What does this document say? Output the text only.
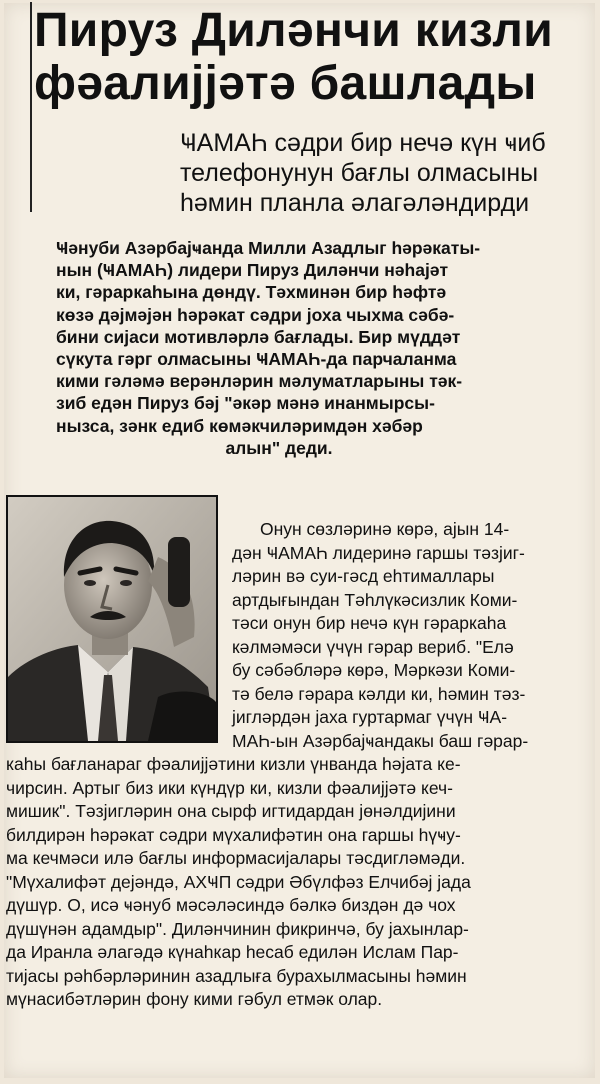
Пируз Диләнчи кизли
фәалијјәтә башлады
ҸАМАҺ сәдри бир нечә күн ҹиб
телефонунун бағлы олмасыны
һәмин планла әлагәләндирди
Ҹәнуби Азәрбајҹанда Милли Азадлыг һәрәкаты-
нын (ҸАМАҺ) лидери Пируз Диләнчи нәһајәт
ки, гәраркаһына дөндү. Тәхминән бир һәфтә
көзә дәјмәјән һәрәкат сәдри јоха чыхма сәбә-
бини сијаси мотивләрлә бағлады. Бир мүддәт
сүкута гәрг олмасыны ҸАМАҺ-да парчаланма
кими гәләмә верәнләрин мәлуматларыны тәк-
зиб едән Пируз бәј "әкәр мәнә инанмырсы-
нызса, зәнк едиб көмәкчиләримдән хәбәр
алын" деди.
Онун сөзләринә көрә, ајын 14-
дән ҸАМАҺ лидеринә гаршы тәзјиг-
ләрин вә суи-гәсд еһтималлары
артдығындан Тәһлүкәсизлик Коми-
тәси онун бир нечә күн гәраркаһа
кәлмәмәси үчүн гәрар вериб. "Елә
бу сәбәбләрә көрә, Мәркәзи Коми-
тә белә гәрара кәлди ки, һәмин тәз-
јигләрдән јаха гуртармаг үчүн ҸА-
МАҺ-ын Азәрбајҹандакы баш гәрар-
каһы бағланараг фәалијјәтини кизли үнванда һәјата ке-
чирсин. Артыг биз ики күндүр ки, кизли фәалијјәтә кеч-
мишик". Тәзјигләрин она сырф игтидардан јөнәлдијини
билдирән һәрәкат сәдри мүхалифәтин она гаршы һүҹу-
ма кечмәси илә бағлы информасијалары тәсдигләмәди.
"Мүхалифәт дејәндә, АХҸП сәдри Әбүлфәз Елчибәј јада
дүшүр. О, исә ҹәнуб мәсәләсиндә бәлкә биздән дә чох
дүшүнән адамдыр". Диләнчинин фикринчә, бу јахынлар-
да Иранла әлагәдә күнаһкар һесаб едилән Ислам Пар-
тијасы рәһбәрләринин азадлыға бурахылмасыны һәмин
мүнасибәтләрин фону кими гәбул етмәк олар.
